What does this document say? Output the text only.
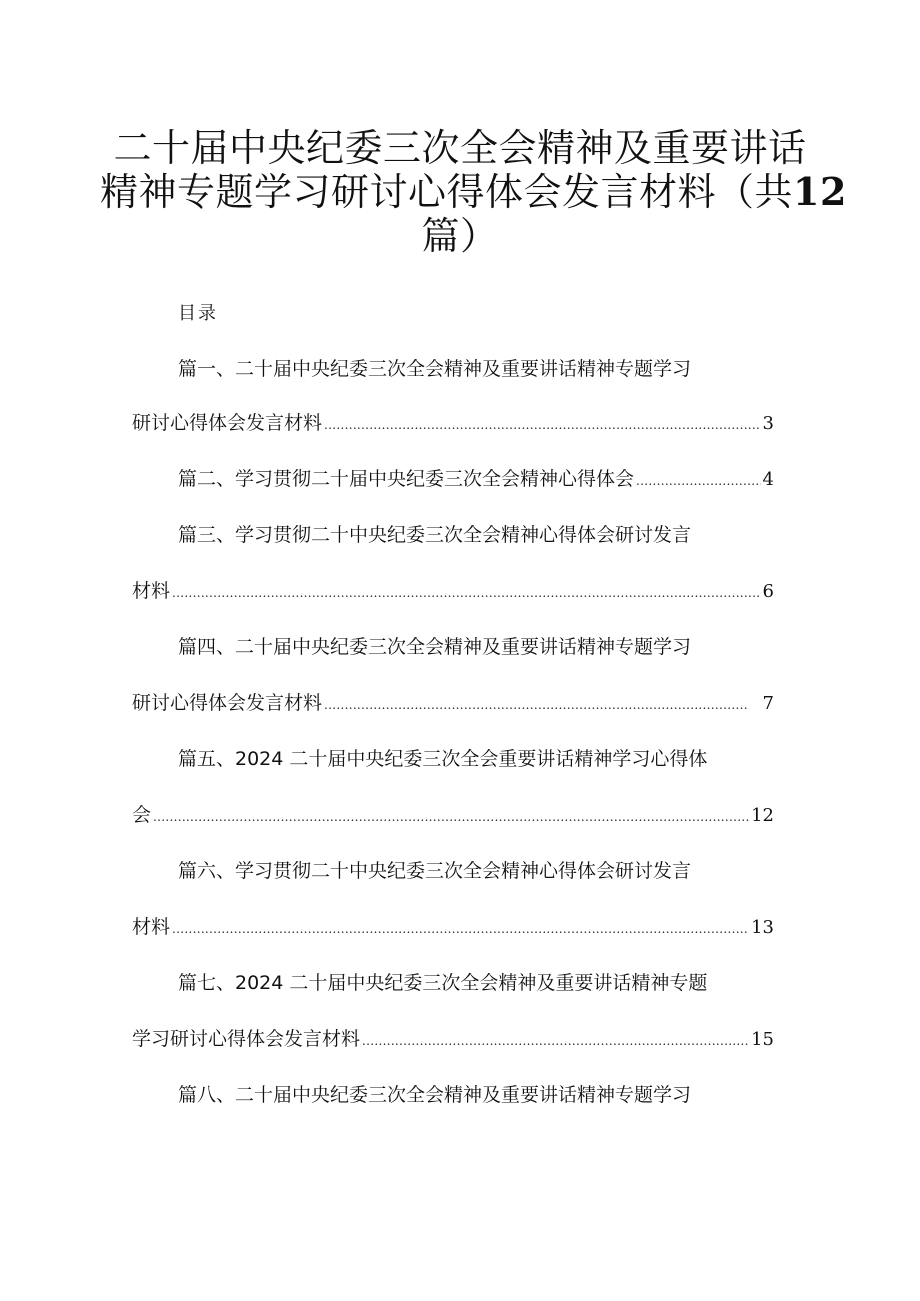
二十届中央纪委三次全会精神及重要讲话
精神专题学习研讨心得体会发言材料（共12
篇）
目录
篇一、二十届中央纪委三次全会精神及重要讲话精神专题学习
研讨心得体会发言材料 .....	3
篇二、学习贯彻二十届中央纪委三次全会精神心得体会 .....	4
篇三、学习贯彻二十中央纪委三次全会精神心得体会研讨发言
材料 .....	6
篇四、二十届中央纪委三次全会精神及重要讲话精神专题学习
研讨心得体会发言材料 .....	7
篇五、2024 二十届中央纪委三次全会重要讲话精神学习心得体
会 .....	12
篇六、学习贯彻二十中央纪委三次全会精神心得体会研讨发言
材料 .....	13
篇七、2024 二十届中央纪委三次全会精神及重要讲话精神专题
学习研讨心得体会发言材料 .....	15
篇八、二十届中央纪委三次全会精神及重要讲话精神专题学习
